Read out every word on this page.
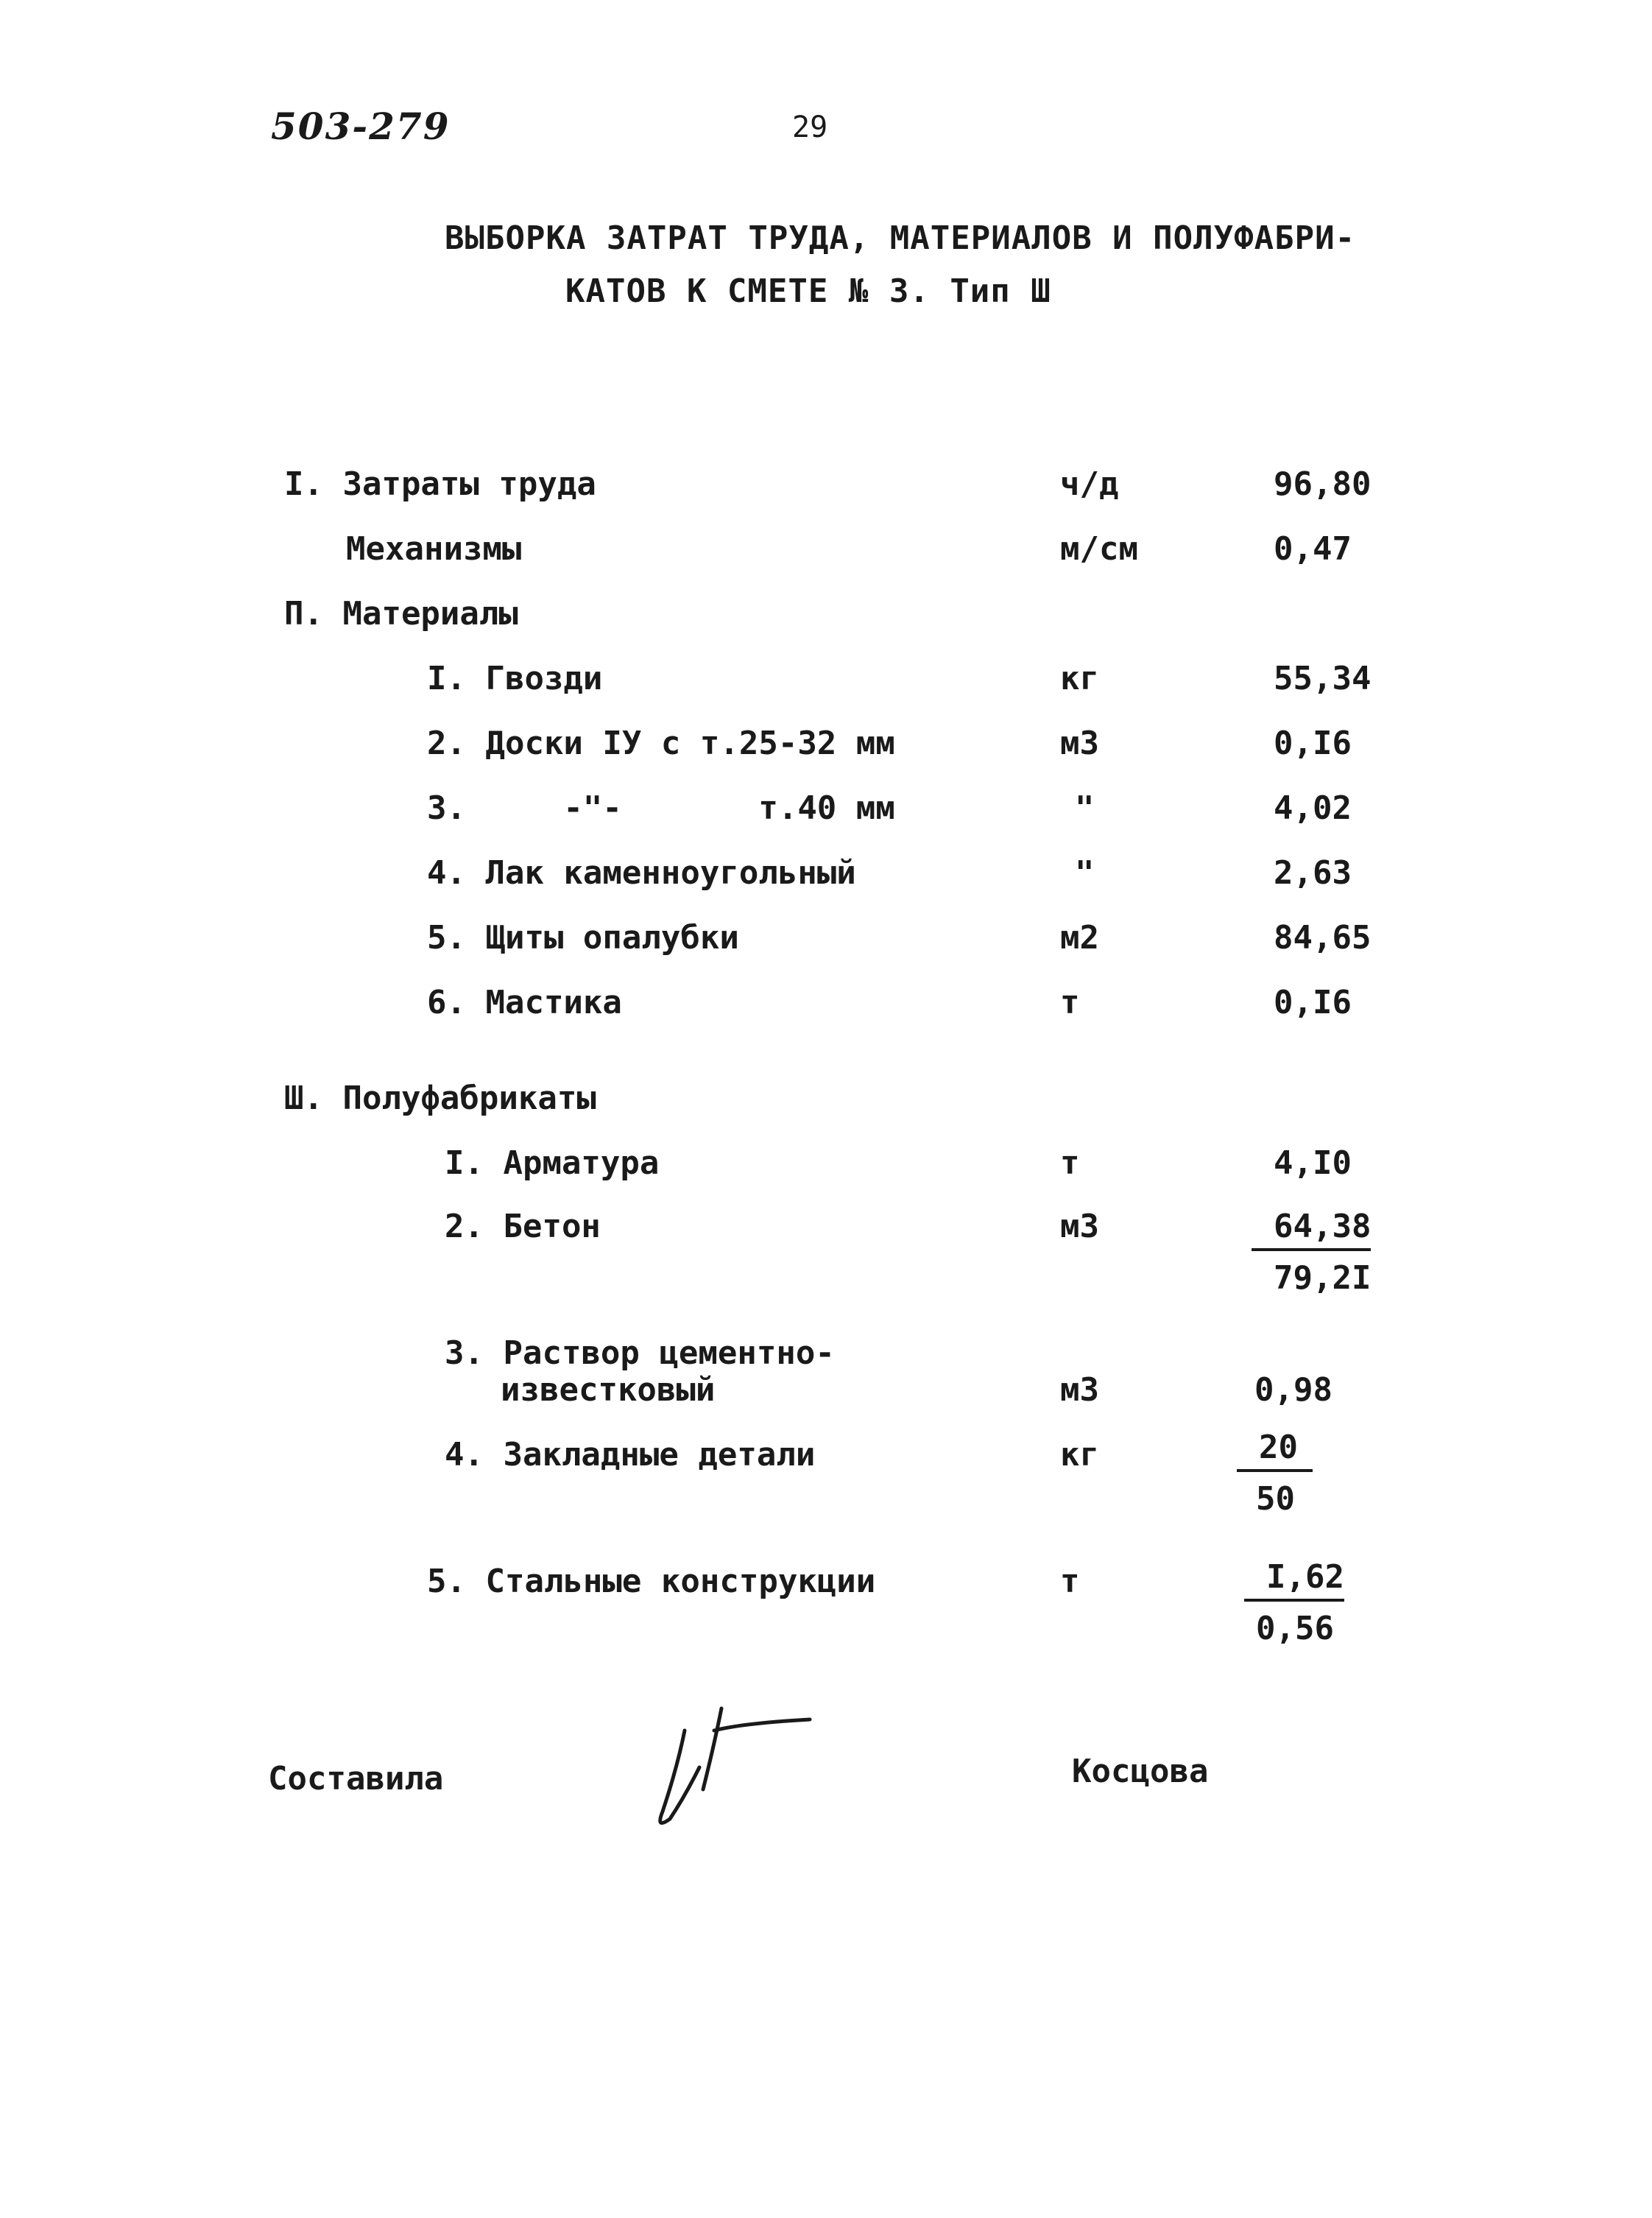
503-279	29
ВЫБОРКА ЗАТРАТ ТРУДА, МАТЕРИАЛОВ И ПОЛУФАБРИ-
КАТОВ К СМЕТЕ № 3. Тип Ш
I. Затраты труда	ч/д	96,80
Механизмы	м/см	0,47
П. Материалы
I. Гвозди	кг	55,34
2. Доски IУ с т.25-32 мм	м3	0,I6
3.     -"-       т.40 мм	"	4,02
4. Лак каменноугольный	"	2,63
5. Щиты опалубки	м2	84,65
6. Мастика	т	0,I6
Ш. Полуфабрикаты
I. Арматура	т	4,I0
2. Бетон	м3	64,38
79,2I
3. Раствор цементно-
известковый	м3	0,98
4. Закладные детали	кг	20
50
5. Стальные конструкции	т	I,62
0,56
Составила	Косцова
